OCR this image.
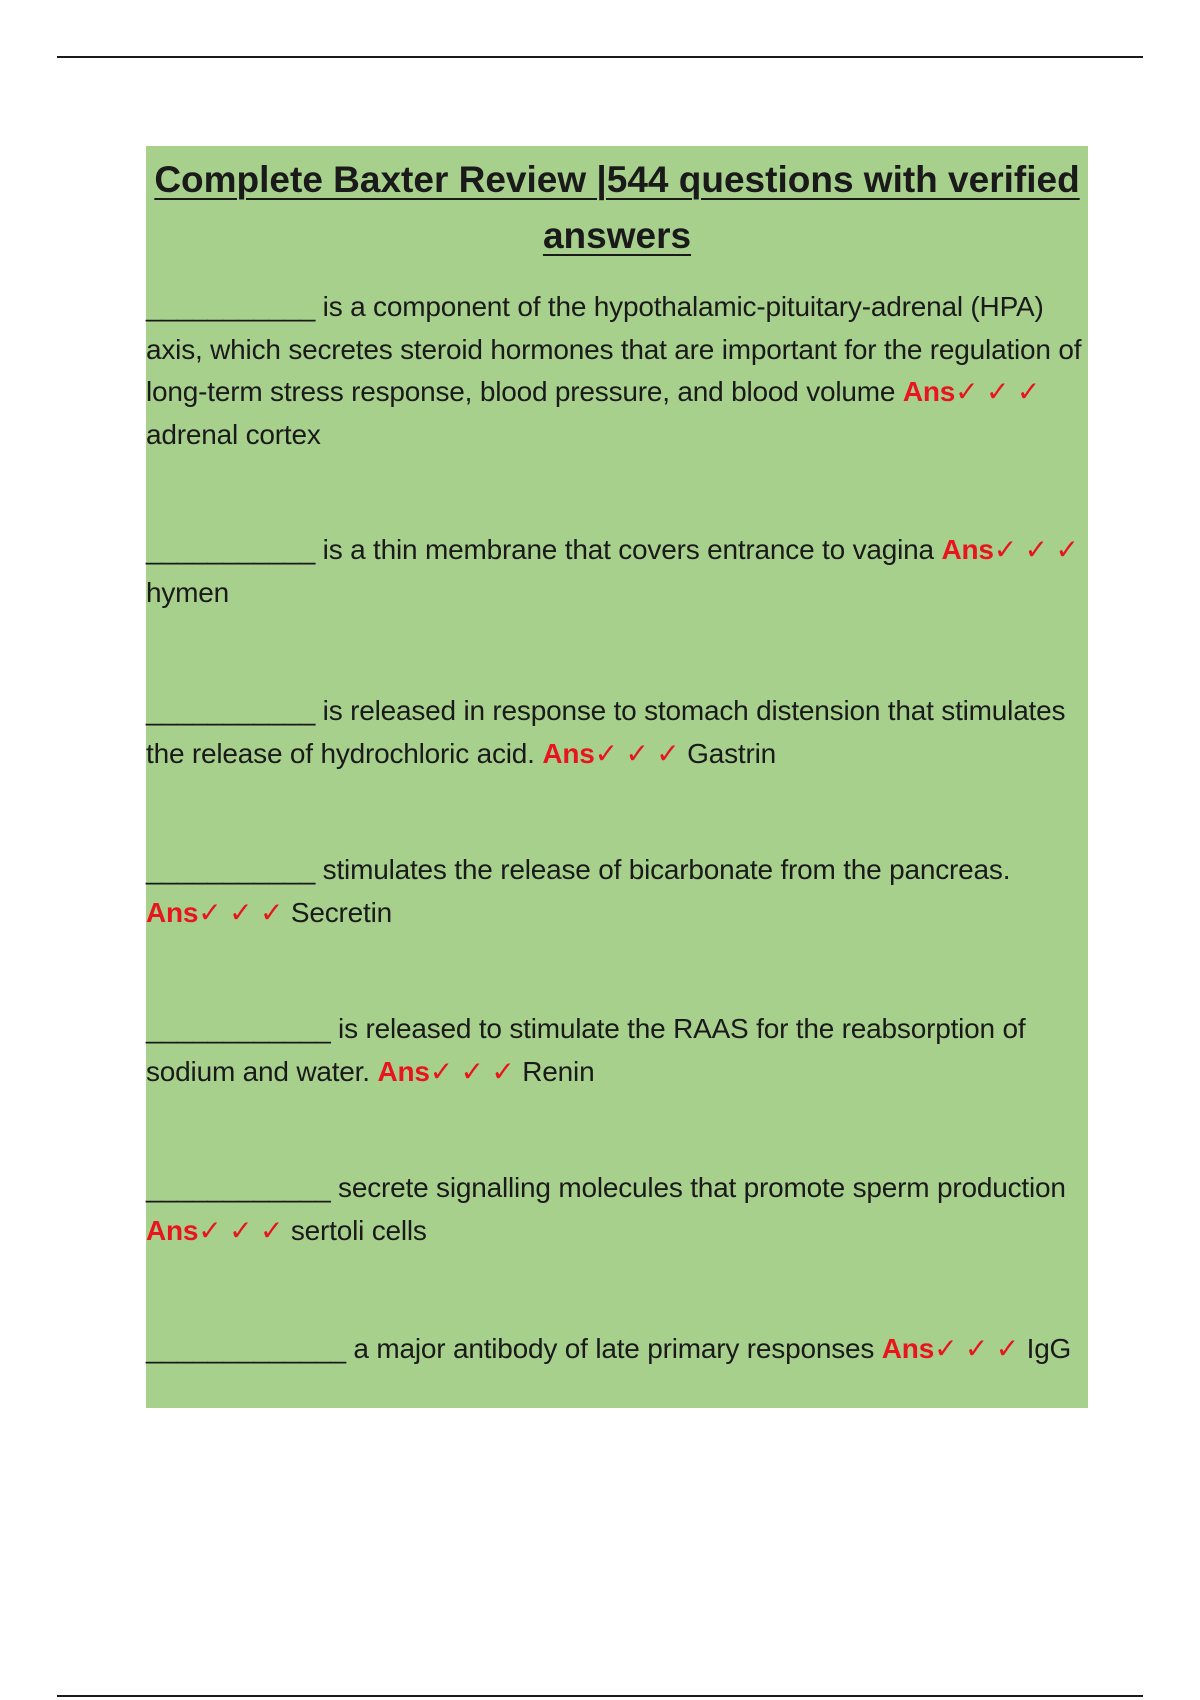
Complete Baxter Review |544 questions with verified answers

___________ is a component of the hypothalamic-pituitary-adrenal (HPA) axis, which secretes steroid hormones that are important for the regulation of long-term stress response, blood pressure, and blood volume Ans✓ ✓ ✓ adrenal cortex

___________ is a thin membrane that covers entrance to vagina Ans✓ ✓ ✓ hymen

___________ is released in response to stomach distension that stimulates the release of hydrochloric acid. Ans✓ ✓ ✓ Gastrin

___________ stimulates the release of bicarbonate from the pancreas. Ans✓ ✓ ✓ Secretin

____________ is released to stimulate the RAAS for the reabsorption of sodium and water. Ans✓ ✓ ✓ Renin

____________ secrete signalling molecules that promote sperm production Ans✓ ✓ ✓ sertoli cells

_____________ a major antibody of late primary responses Ans✓ ✓ ✓ IgG
